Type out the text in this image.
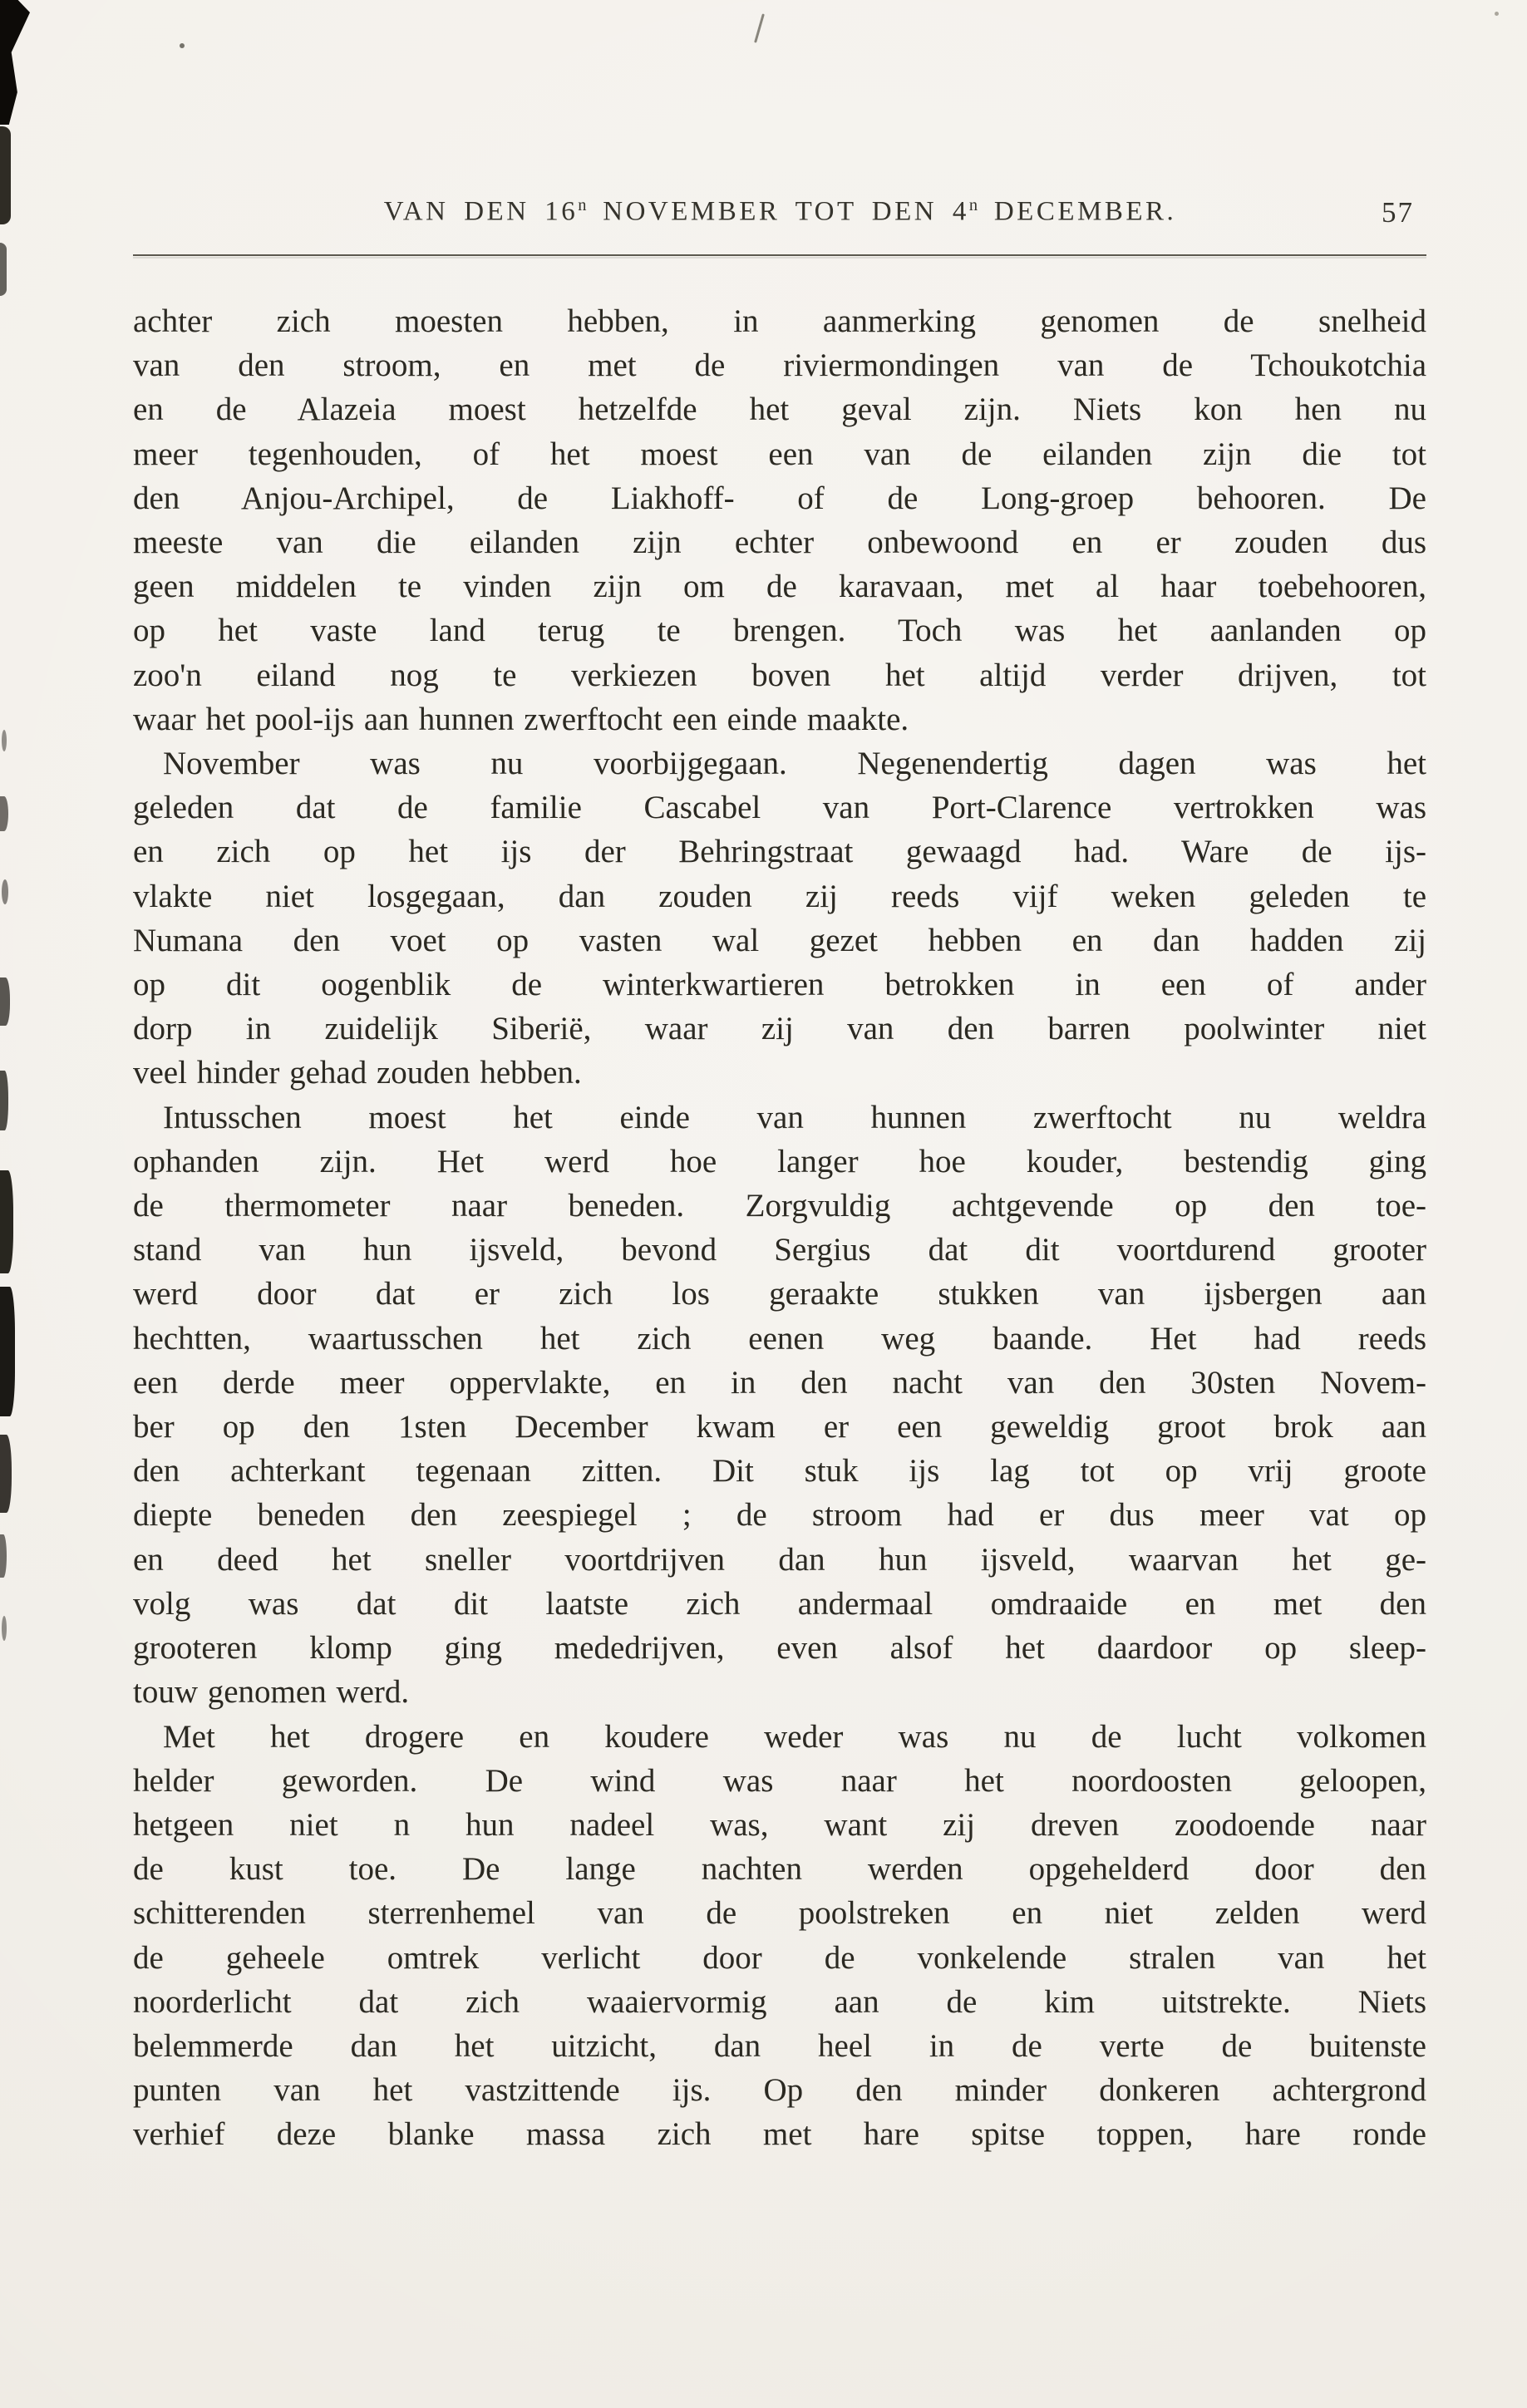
VAN DEN 16$^n$ NOVEMBER TOT DEN 4$^n$ DECEMBER.	57

achter zich moesten hebben, in aanmerking genomen de snelheid
van den stroom, en met de riviermondingen van de Tchoukotchia
en de Alazeia moest hetzelfde het geval zijn. Niets kon hen nu
meer tegenhouden, of het moest een van de eilanden zijn die tot
den Anjou-Archipel, de Liakhoff- of de Long-groep behooren. De
meeste van die eilanden zijn echter onbewoond en er zouden dus
geen middelen te vinden zijn om de karavaan, met al haar toebehooren,
op het vaste land terug te brengen. Toch was het aanlanden op
zoo'n eiland nog te verkiezen boven het altijd verder drijven, tot
waar het pool-ijs aan hunnen zwerftocht een einde maakte.

November was nu voorbijgegaan. Negenendertig dagen was het
geleden dat de familie Cascabel van Port-Clarence vertrokken was
en zich op het ijs der Behringstraat gewaagd had. Ware de ijs-
vlakte niet losgegaan, dan zouden zij reeds vijf weken geleden te
Numana den voet op vasten wal gezet hebben en dan hadden zij
op dit oogenblik de winterkwartieren betrokken in een of ander
dorp in zuidelijk Siberië, waar zij van den barren poolwinter niet
veel hinder gehad zouden hebben.

Intusschen moest het einde van hunnen zwerftocht nu weldra
ophanden zijn. Het werd hoe langer hoe kouder, bestendig ging
de thermometer naar beneden. Zorgvuldig achtgevende op den toe-
stand van hun ijsveld, bevond Sergius dat dit voortdurend grooter
werd door dat er zich los geraakte stukken van ijsbergen aan
hechtten, waartusschen het zich eenen weg baande. Het had reeds
een derde meer oppervlakte, en in den nacht van den 30sten Novem-
ber op den 1sten December kwam er een geweldig groot brok aan
den achterkant tegenaan zitten. Dit stuk ijs lag tot op vrij groote
diepte beneden den zeespiegel ; de stroom had er dus meer vat op
en deed het sneller voortdrijven dan hun ijsveld, waarvan het ge-
volg was dat dit laatste zich andermaal omdraaide en met den
grooteren klomp ging mededrijven, even alsof het daardoor op sleep-
touw genomen werd.

Met het drogere en koudere weder was nu de lucht volkomen
helder geworden. De wind was naar het noordoosten geloopen,
hetgeen niet n hun nadeel was, want zij dreven zoodoende naar
de kust toe. De lange nachten werden opgehelderd door den
schitterenden sterrenhemel van de poolstreken en niet zelden werd
de geheele omtrek verlicht door de vonkelende stralen van het
noorderlicht dat zich waaiervormig aan de kim uitstrekte. Niets
belemmerde dan het uitzicht, dan heel in de verte de buitenste
punten van het vastzittende ijs. Op den minder donkeren achtergrond
verhief deze blanke massa zich met hare spitse toppen, hare ronde
